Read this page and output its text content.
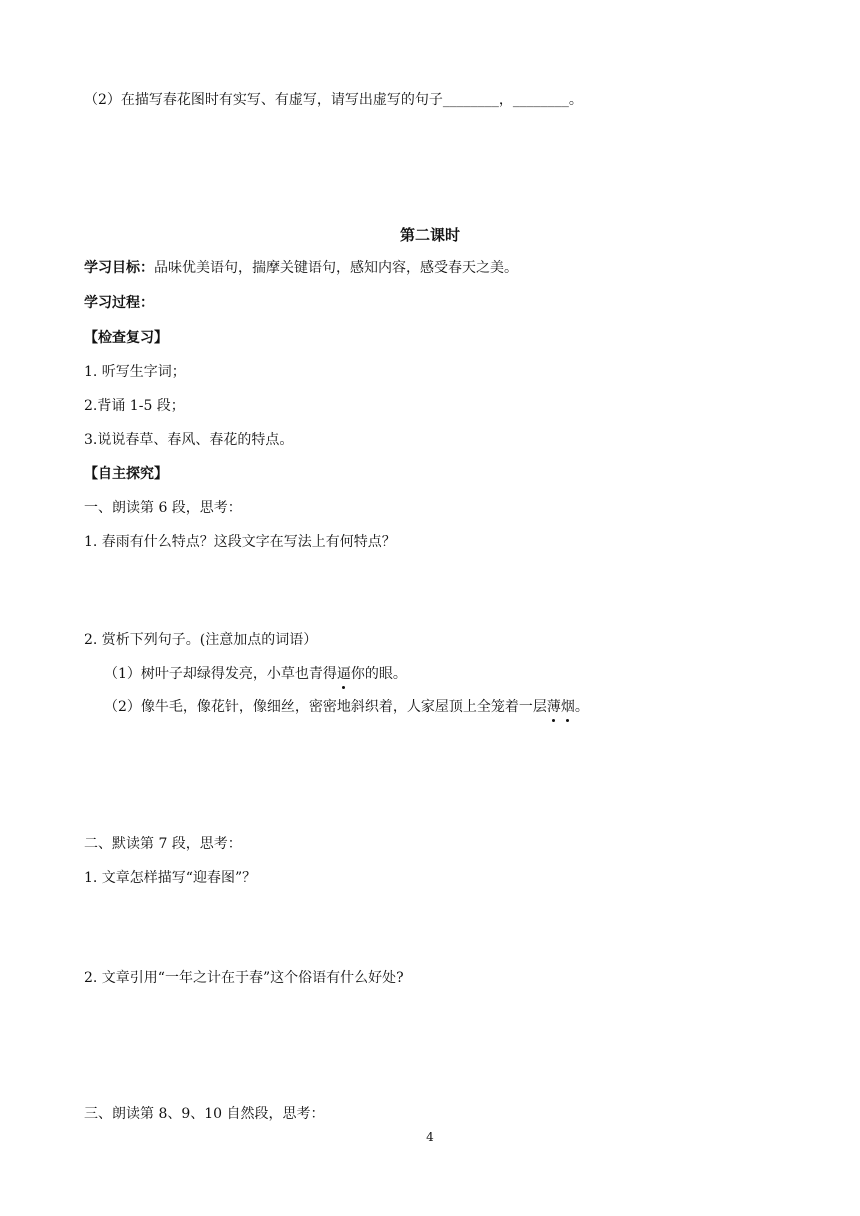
（2）在描写春花图时有实写、有虚写，请写出虚写的句子________，________。
第二课时
学习目标：品味优美语句，揣摩关键语句，感知内容，感受春天之美。
学习过程：
【检查复习】
1. 听写生字词；
2.背诵 1-5 段；
3.说说春草、春风、春花的特点。
【自主探究】
一、朗读第 6 段，思考：
1. 春雨有什么特点？这段文字在写法上有何特点？
2. 赏析下列句子。(注意加点的词语）
（1）树叶子却绿得发亮，小草也青得逼你的眼。
（2）像牛毛，像花针，像细丝，密密地斜织着，人家屋顶上全笼着一层薄烟。
二、默读第 7 段，思考：
1. 文章怎样描写“迎春图”？
2. 文章引用“一年之计在于春”这个俗语有什么好处?
三、朗读第 8、9、10 自然段，思考：
4
